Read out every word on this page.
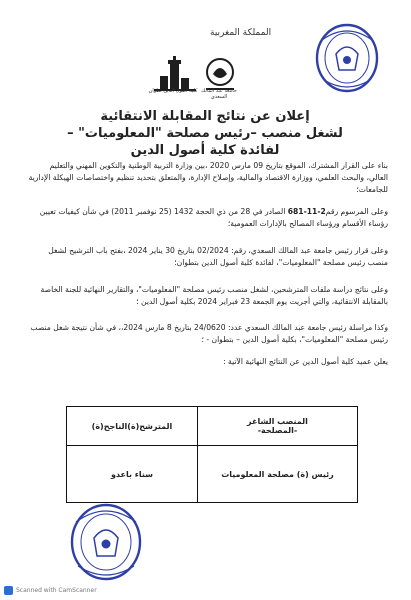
المملكة المغربية
كلية أصول الدين تطوان جامعة عبد المالك السعدي
إعلان عن نتائج المقابلة الانتقائية
لشغل منصب –رئيس مصلحة "المعلوميات" –
لفائدة كلية أصول الدين
بناء على القرار المشترك، الموقع بتاريخ 09 مارس 2020 ،بين وزارة التربية الوطنية والتكوين المهني والتعليم العالي، والبحث العلمي، ووزارة الاقتصاد والمالية، وإصلاح الإدارة، والمتعلق بتحديد تنظيم واختصاصات الهيكلة الإدارية للجامعات؛
وعلى المرسوم رقم2-11-681 الصادر في 28 من ذي الحجة 1432 (25 نوفمبر 2011) في شأن كيفيات تعيين رؤساء الأقسام ورؤساء المصالح بالإدارات العمومية؛
وعلى قرار رئيس جامعة عبد المالك السعدي، رقم: 02/2024 بتاريخ 30 يناير 2024 ،بفتح باب الترشيح لشغل منصب رئيس مصلحة "المعلوميات"، لفائدة كلية أصول الدين بتطوان؛
وعلى نتائج دراسة ملفات المترشحين، لشغل منصب رئيس مصلحة "المعلوميات"، والتقارير النهائية للجنة الخاصة بالمقابلة الانتقائية، والتي أجريت يوم الجمعة 23 فبراير 2024 بكلية أصول الدين ؛
وكذا مراسلة رئيس جامعة عبد المالك السعدي عدد: 24/0620 بتاريخ 8 مارس 2024،، في شأن نتيجة شغل منصب رئيس مصلحة "المعلوميات"، بكلية أصول الدين – بتطوان - ؛
يعلن عميد كلية أصول الدين عن النتائج النهائية الآتية :
المنصب الشاغر
-المصلحة-	المترشح(ة)الناجح(ة)
رئيس (ة) مصلحة المعلوميات	سناء باعدو
Scanned with CamScanner
